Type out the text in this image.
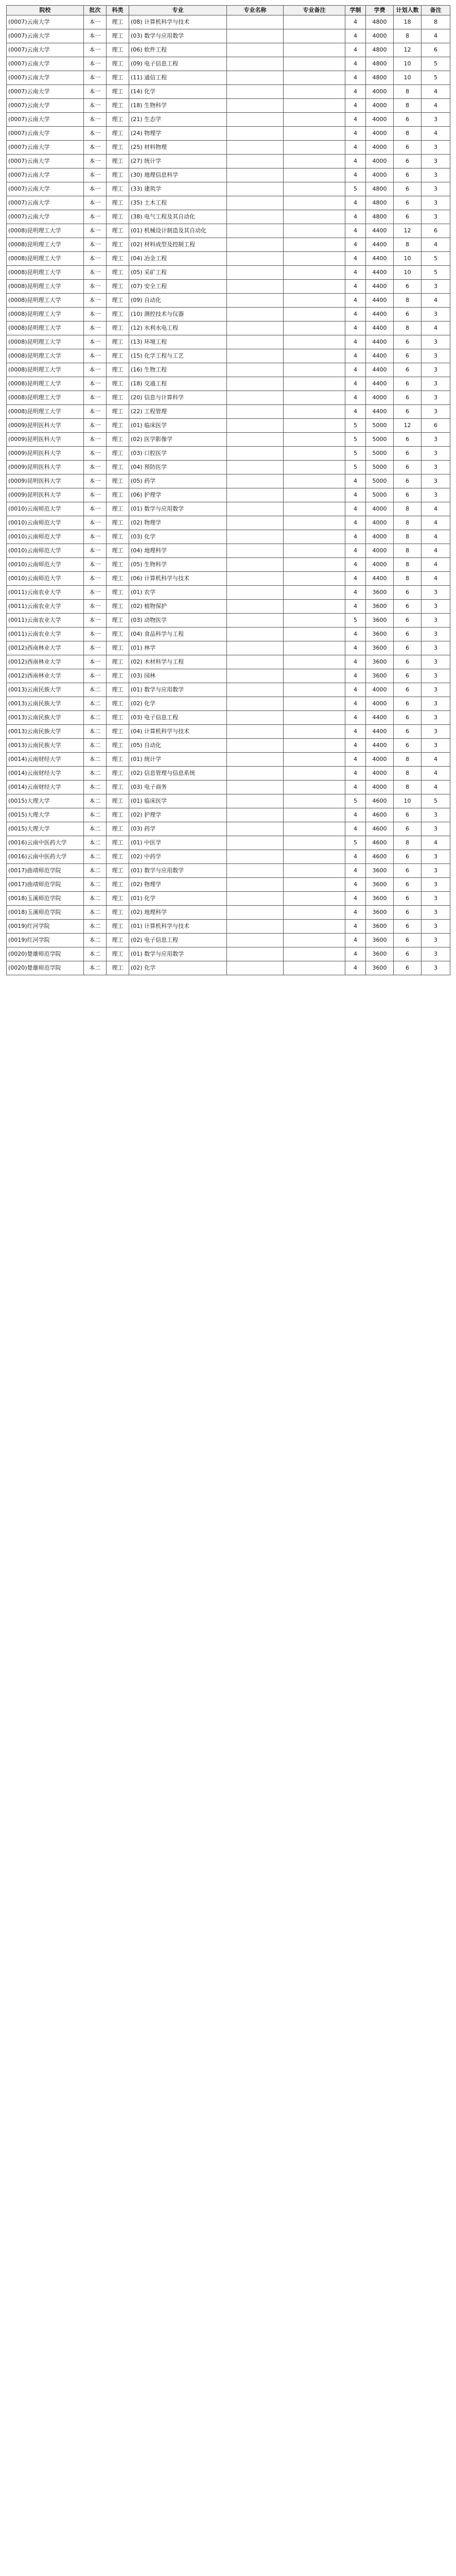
院校	批次	科类	专业	专业名称	专业备注	学制	学费	计划人数	备注
(0007)云南大学	本一	理工	(08) 计算机科学与技术			4	4800	18	8
(0007)云南大学	本一	理工	(03) 数学与应用数学			4	4000	8	4
(0007)云南大学	本一	理工	(06) 软件工程			4	4800	12	6
(0007)云南大学	本一	理工	(09) 电子信息工程			4	4800	10	5
(0007)云南大学	本一	理工	(11) 通信工程			4	4800	10	5
(0007)云南大学	本一	理工	(14) 化学			4	4000	8	4
(0007)云南大学	本一	理工	(18) 生物科学			4	4000	8	4
(0007)云南大学	本一	理工	(21) 生态学			4	4000	6	3
(0007)云南大学	本一	理工	(24) 物理学			4	4000	8	4
(0007)云南大学	本一	理工	(25) 材料物理			4	4000	6	3
(0007)云南大学	本一	理工	(27) 统计学			4	4000	6	3
(0007)云南大学	本一	理工	(30) 地理信息科学			4	4000	6	3
(0007)云南大学	本一	理工	(33) 建筑学			5	4800	6	3
(0007)云南大学	本一	理工	(35) 土木工程			4	4800	6	3
(0007)云南大学	本一	理工	(38) 电气工程及其自动化			4	4800	6	3
(0008)昆明理工大学	本一	理工	(01) 机械设计制造及其自动化			4	4400	12	6
(0008)昆明理工大学	本一	理工	(02) 材料成型及控制工程			4	4400	8	4
(0008)昆明理工大学	本一	理工	(04) 冶金工程			4	4400	10	5
(0008)昆明理工大学	本一	理工	(05) 采矿工程			4	4400	10	5
(0008)昆明理工大学	本一	理工	(07) 安全工程			4	4400	6	3
(0008)昆明理工大学	本一	理工	(09) 自动化			4	4400	8	4
(0008)昆明理工大学	本一	理工	(10) 测控技术与仪器			4	4400	6	3
(0008)昆明理工大学	本一	理工	(12) 水利水电工程			4	4400	8	4
(0008)昆明理工大学	本一	理工	(13) 环境工程			4	4400	6	3
(0008)昆明理工大学	本一	理工	(15) 化学工程与工艺			4	4400	6	3
(0008)昆明理工大学	本一	理工	(16) 生物工程			4	4400	6	3
(0008)昆明理工大学	本一	理工	(18) 交通工程			4	4400	6	3
(0008)昆明理工大学	本一	理工	(20) 信息与计算科学			4	4000	6	3
(0008)昆明理工大学	本一	理工	(22) 工程管理			4	4400	6	3
(0009)昆明医科大学	本一	理工	(01) 临床医学			5	5000	12	6
(0009)昆明医科大学	本一	理工	(02) 医学影像学			5	5000	6	3
(0009)昆明医科大学	本一	理工	(03) 口腔医学			5	5000	6	3
(0009)昆明医科大学	本一	理工	(04) 预防医学			5	5000	6	3
(0009)昆明医科大学	本一	理工	(05) 药学			4	5000	6	3
(0009)昆明医科大学	本一	理工	(06) 护理学			4	5000	6	3
(0010)云南师范大学	本一	理工	(01) 数学与应用数学			4	4000	8	4
(0010)云南师范大学	本一	理工	(02) 物理学			4	4000	8	4
(0010)云南师范大学	本一	理工	(03) 化学			4	4000	8	4
(0010)云南师范大学	本一	理工	(04) 地理科学			4	4000	8	4
(0010)云南师范大学	本一	理工	(05) 生物科学			4	4000	8	4
(0010)云南师范大学	本一	理工	(06) 计算机科学与技术			4	4400	8	4
(0011)云南农业大学	本一	理工	(01) 农学			4	3600	6	3
(0011)云南农业大学	本一	理工	(02) 植物保护			4	3600	6	3
(0011)云南农业大学	本一	理工	(03) 动物医学			5	3600	6	3
(0011)云南农业大学	本一	理工	(04) 食品科学与工程			4	3600	6	3
(0012)西南林业大学	本一	理工	(01) 林学			4	3600	6	3
(0012)西南林业大学	本一	理工	(02) 木材科学与工程			4	3600	6	3
(0012)西南林业大学	本一	理工	(03) 园林			4	3600	6	3
(0013)云南民族大学	本二	理工	(01) 数学与应用数学			4	4000	6	3
(0013)云南民族大学	本二	理工	(02) 化学			4	4000	6	3
(0013)云南民族大学	本二	理工	(03) 电子信息工程			4	4400	6	3
(0013)云南民族大学	本二	理工	(04) 计算机科学与技术			4	4400	6	3
(0013)云南民族大学	本二	理工	(05) 自动化			4	4400	6	3
(0014)云南财经大学	本二	理工	(01) 统计学			4	4000	8	4
(0014)云南财经大学	本二	理工	(02) 信息管理与信息系统			4	4000	8	4
(0014)云南财经大学	本二	理工	(03) 电子商务			4	4000	8	4
(0015)大理大学	本二	理工	(01) 临床医学			5	4600	10	5
(0015)大理大学	本二	理工	(02) 护理学			4	4600	6	3
(0015)大理大学	本二	理工	(03) 药学			4	4600	6	3
(0016)云南中医药大学	本二	理工	(01) 中医学			5	4600	8	4
(0016)云南中医药大学	本二	理工	(02) 中药学			4	4600	6	3
(0017)曲靖师范学院	本二	理工	(01) 数学与应用数学			4	3600	6	3
(0017)曲靖师范学院	本二	理工	(02) 物理学			4	3600	6	3
(0018)玉溪师范学院	本二	理工	(01) 化学			4	3600	6	3
(0018)玉溪师范学院	本二	理工	(02) 地理科学			4	3600	6	3
(0019)红河学院	本二	理工	(01) 计算机科学与技术			4	3600	6	3
(0019)红河学院	本二	理工	(02) 电子信息工程			4	3600	6	3
(0020)楚雄师范学院	本二	理工	(01) 数学与应用数学			4	3600	6	3
(0020)楚雄师范学院	本二	理工	(02) 化学			4	3600	6	3
